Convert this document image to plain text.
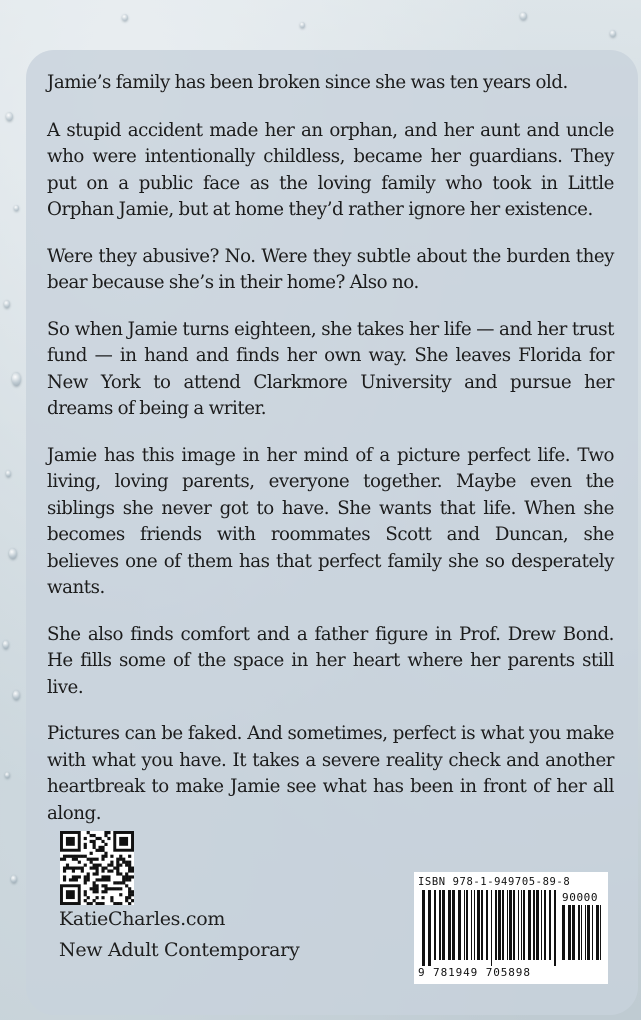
Jamie’s family has been broken since she was ten years old.

A stupid accident made her an orphan, and her aunt and uncle who were intentionally childless, became her guardians. They put on a public face as the loving family who took in Little Orphan Jamie, but at home they’d rather ignore her existence.

Were they abusive? No. Were they subtle about the burden they bear because she’s in their home? Also no.

So when Jamie turns eighteen, she takes her life — and her trust fund — in hand and finds her own way. She leaves Florida for New York to attend Clarkmore University and pursue her dreams of being a writer.

Jamie has this image in her mind of a picture perfect life. Two living, loving parents, everyone together. Maybe even the siblings she never got to have. She wants that life. When she becomes friends with roommates Scott and Duncan, she believes one of them has that perfect family she so desperately wants.

She also finds comfort and a father figure in Prof. Drew Bond. He fills some of the space in her heart where her parents still live.

Pictures can be faked. And sometimes, perfect is what you make with what you have. It takes a severe reality check and another heartbreak to make Jamie see what has been in front of her all along.

KatieCharles.com
New Adult Contemporary
ISBN 978-1-949705-89-8
90000
9 781949 705898
